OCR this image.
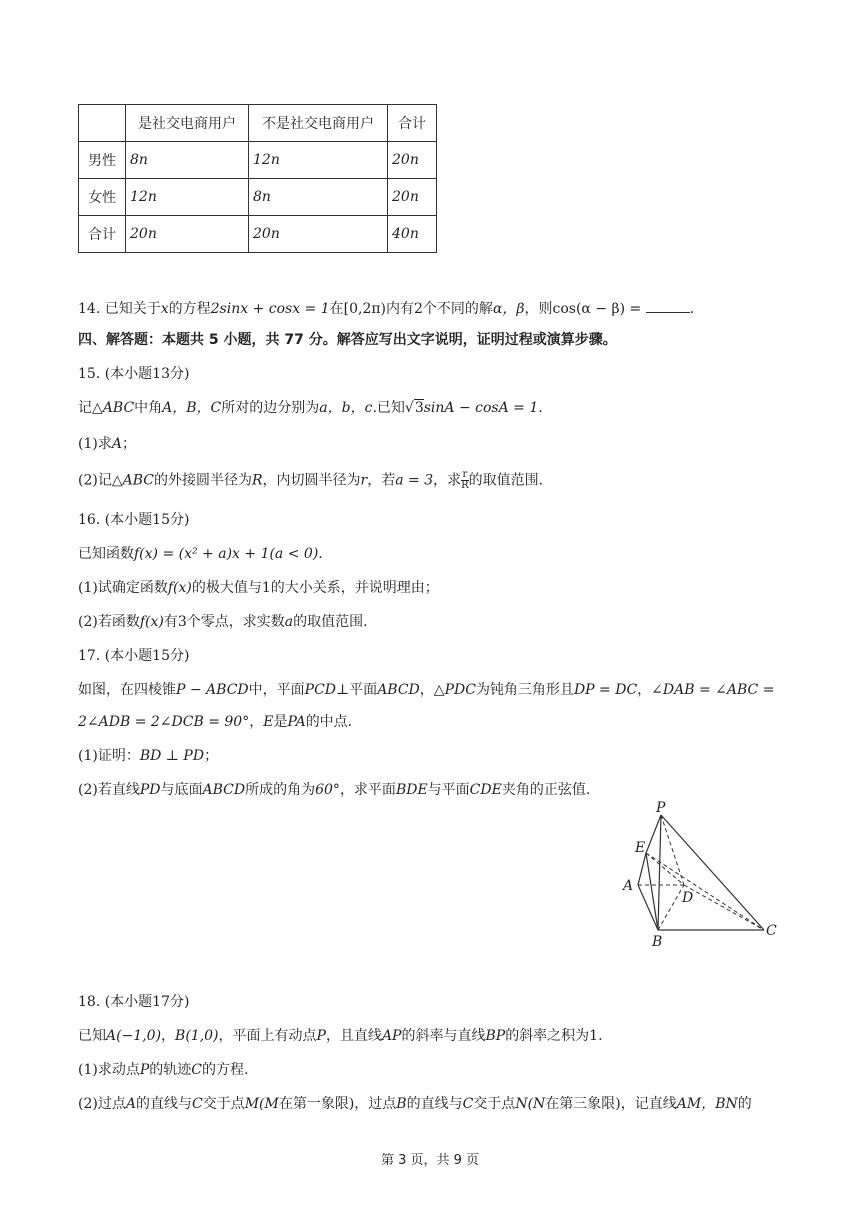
	是社交电商用户	不是社交电商用户	合计
男性	8n	12n	20n
女性	12n	8n	20n
合计	20n	20n	40n
14. 已知关于x的方程2sinx + cosx = 1在[0,2π)内有2个不同的解α，β，则cos(α − β) =	.
四、解答题：本题共 5 小题，共 77 分。解答应写出文字说明，证明过程或演算步骤。
15. (本小题13分)
记△ABC中角A，B，C所对的边分别为a，b，c.已知√3sinA − cosA = 1.
(1)求A；
(2)记△ABC的外接圆半径为R，内切圆半径为r，若a = 3，求 $\frac{r}{R}$ 的取值范围.
16. (本小题15分)
已知函数f(x) = (x² + a)x + 1(a < 0).
(1)试确定函数f(x)的极大值与1的大小关系，并说明理由；
(2)若函数f(x)有3个零点，求实数a的取值范围.
17. (本小题15分)
如图，在四棱锥P − ABCD中，平面PCD⊥平面ABCD，△PDC为钝角三角形且DP = DC，∠DAB = ∠ABC =
2∠ADB = 2∠DCB = 90°，E是PA的中点.
(1)证明：BD ⊥ PD；
(2)若直线PD与底面ABCD所成的角为60°，求平面BDE与平面CDE夹角的正弦值.
P
E
A
D
B
C
18. (本小题17分)
已知A(−1,0)，B(1,0)，平面上有动点P，且直线AP的斜率与直线BP的斜率之积为1.
(1)求动点P的轨迹C的方程.
(2)过点A的直线与C交于点M(M在第一象限)，过点B的直线与C交于点N(N在第三象限)，记直线AM，BN的
第 3 页，共 9 页
